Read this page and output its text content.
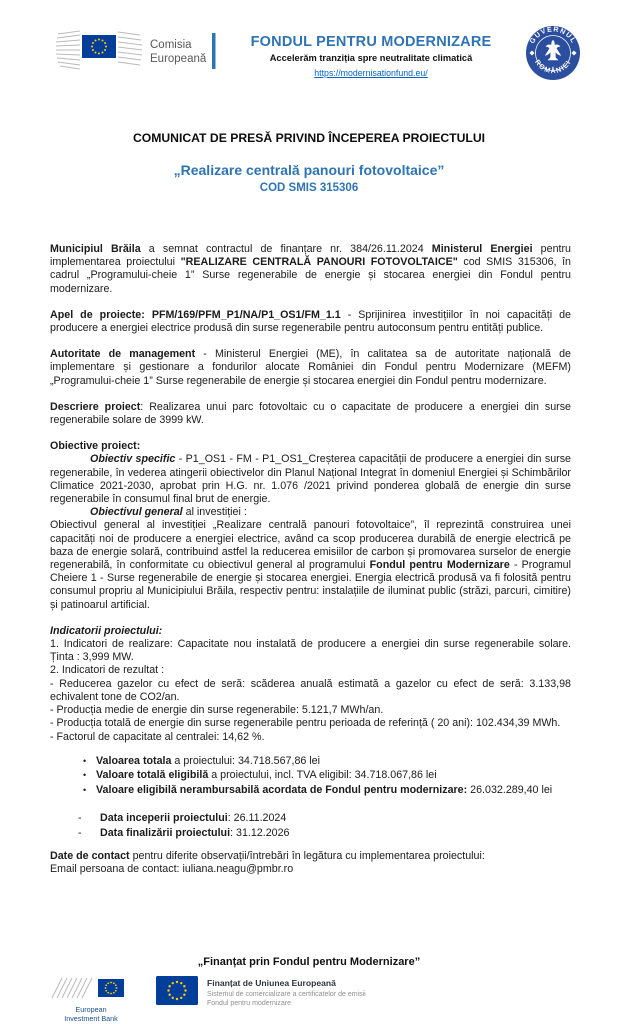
Comisia
Europeană
FONDUL PENTRU MODERNIZARE
Accelerăm tranziția spre neutralitate climatică
https://modernisationfund.eu/
GUVERNUL
ROMÂNIEI
COMUNICAT DE PRESĂ PRIVIND ÎNCEPEREA PROIECTULUI
„Realizare centrală panouri fotovoltaice”
COD SMIS 315306

Municipiul Brăila a semnat contractul de finanțare nr. 384/26.11.2024 Ministerul Energiei pentru implementarea proiectului "REALIZARE CENTRALĂ PANOURI FOTOVOLTAICE" cod SMIS 315306, în cadrul „Programului-cheie 1” Surse regenerabile de energie și stocarea energiei din Fondul pentru modernizare.

Apel de proiecte: PFM/169/PFM_P1/NA/P1_OS1/FM_1.1 - Sprijinirea investițiilor în noi capacități de producere a energiei electrice produsă din surse regenerabile pentru autoconsum pentru entități publice.

Autoritate de management - Ministerul Energiei (ME), în calitatea sa de autoritate națională de implementare și gestionare a fondurilor alocate României din Fondul pentru Modernizare (MEFM) „Programului-cheie 1” Surse regenerabile de energie și stocarea energiei din Fondul pentru modernizare.

Descriere proiect: Realizarea unui parc fotovoltaic cu o capacitate de producere a energiei din surse regenerabile solare de 3999 kW.

Obiective proiect:

Obiectiv specific - P1_OS1 - FM - P1_OS1_Creșterea capacității de producere a energiei din surse regenerabile, în vederea atingerii obiectivelor din Planul Național Integrat în domeniul Energiei și Schimbărilor Climatice 2021-2030, aprobat prin H.G. nr. 1.076 /2021 privind ponderea globală de energie din surse regenerabile în consumul final brut de energie.

Obiectivul general al investiției :

Obiectivul general al investiției „Realizare centrală panouri fotovoltaice”, îl reprezintă construirea unei capacități noi de producere a energiei electrice, având ca scop producerea durabilă de energie electrică pe baza de energie solară, contribuind astfel la reducerea emisiilor de carbon și promovarea surselor de energie regenerabilă, în conformitate cu obiectivul general al programului Fondul pentru Modernizare - Programul Cheiere 1 - Surse regenerabile de energie și stocarea energiei. Energia electrică produsă va fi folosită pentru consumul propriu al Municipiului Brăila, respectiv pentru: instalațiile de iluminat public (străzi, parcuri, cimitire) și patinoarul artificial.

Indicatorii proiectului:

1. Indicatori de realizare: Capacitate nou instalată de producere a energiei din surse regenerabile solare. Ținta : 3,999 MW.

2. Indicatori de rezultat :

- Reducerea gazelor cu efect de seră: scăderea anuală estimată a gazelor cu efect de seră: 3.133,98 echivalent tone de CO2/an.

- Producția medie de energie din surse regenerabile: 5.121,7 MWh/an.

- Producția totală de energie din surse regenerabile pentru perioada de referință ( 20 ani): 102.434,39 MWh.

- Factorul de capacitate al centralei: 14,62 %.

• Valoarea totala a proiectului: 34.718.567,86 lei
• Valoare totală eligibilă a proiectului, incl. TVA eligibil: 34.718.067,86 lei
• Valoare eligibilă nerambursabilă acordata de Fondul pentru modernizare: 26.032.289,40 lei
-	Data inceperii proiectului: 26.11.2024
-	Data finalizării proiectului: 31.12.2026

Date de contact pentru diferite observații/întrebări în legătura cu implementarea proiectului:

Email persoana de contact: iuliana.neagu@pmbr.ro

„Finanțat prin Fondul pentru Modernizare”
European
Investment Bank
Finanțat de Uniunea Europeană
Sistemul de comercializare a certificatelor de emisii
Fondul pentru modernizare
